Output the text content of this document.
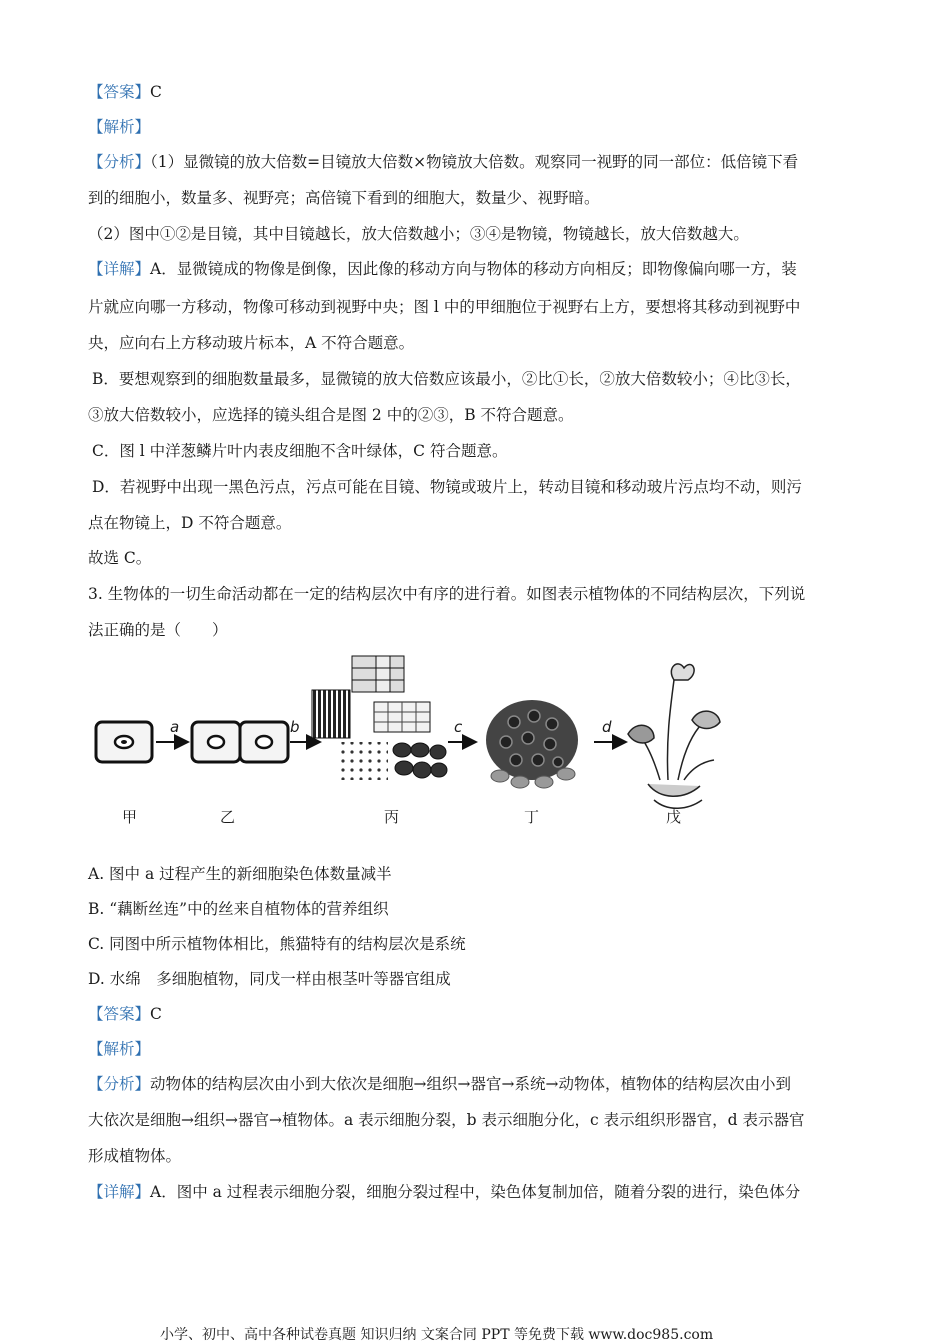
【答案】C
【解析】
【分析】（1）显微镜的放大倍数=目镜放大倍数×物镜放大倍数。观察同一视野的同一部位：低倍镜下看
到的细胞小，数量多、视野亮；高倍镜下看到的细胞大，数量少、视野暗。
（2）图中①②是目镜，其中目镜越长，放大倍数越小；③④是物镜，物镜越长，放大倍数越大。
【详解】A．显微镜成的物像是倒像，因此像的移动方向与物体的移动方向相反；即物像偏向哪一方，装
片就应向哪一方移动，物像可移动到视野中央；图 l 中的甲细胞位于视野右上方，要想将其移动到视野中
央，应向右上方移动玻片标本，A 不符合题意。
B．要想观察到的细胞数量最多，显微镜的放大倍数应该最小，②比①长，②放大倍数较小；④比③长，
③放大倍数较小，应选择的镜头组合是图 2 中的②③，B 不符合题意。
C．图 l 中洋葱鳞片叶内表皮细胞不含叶绿体，C 符合题意。
D．若视野中出现一黑色污点，污点可能在目镜、物镜或玻片上，转动目镜和移动玻片污点均不动，则污
点在物镜上，D 不符合题意。
故选 C。
3. 生物体的一切生命活动都在一定的结构层次中有序的进行着。如图表示植物体的不同结构层次，下列说
法正确的是（　　）
a	b	c	d
甲	乙	丙	丁	戊
A. 图中 a 过程产生的新细胞染色体数量减半
B. “藕断丝连”中的丝来自植物体的营养组织
C. 同图中所示植物体相比，熊猫特有的结构层次是系统
D. 水绵　多细胞植物，同戊一样由根茎叶等器官组成
【答案】C
【解析】
【分析】动物体的结构层次由小到大依次是细胞→组织→器官→系统→动物体，植物体的结构层次由小到
大依次是细胞→组织→器官→植物体。a 表示细胞分裂，b 表示细胞分化，c 表示组织形器官，d 表示器官
形成植物体。
【详解】A．图中 a 过程表示细胞分裂，细胞分裂过程中，染色体复制加倍，随着分裂的进行，染色体分
小学、初中、高中各种试卷真题 知识归纳 文案合同 PPT 等免费下载 www.doc985.com
